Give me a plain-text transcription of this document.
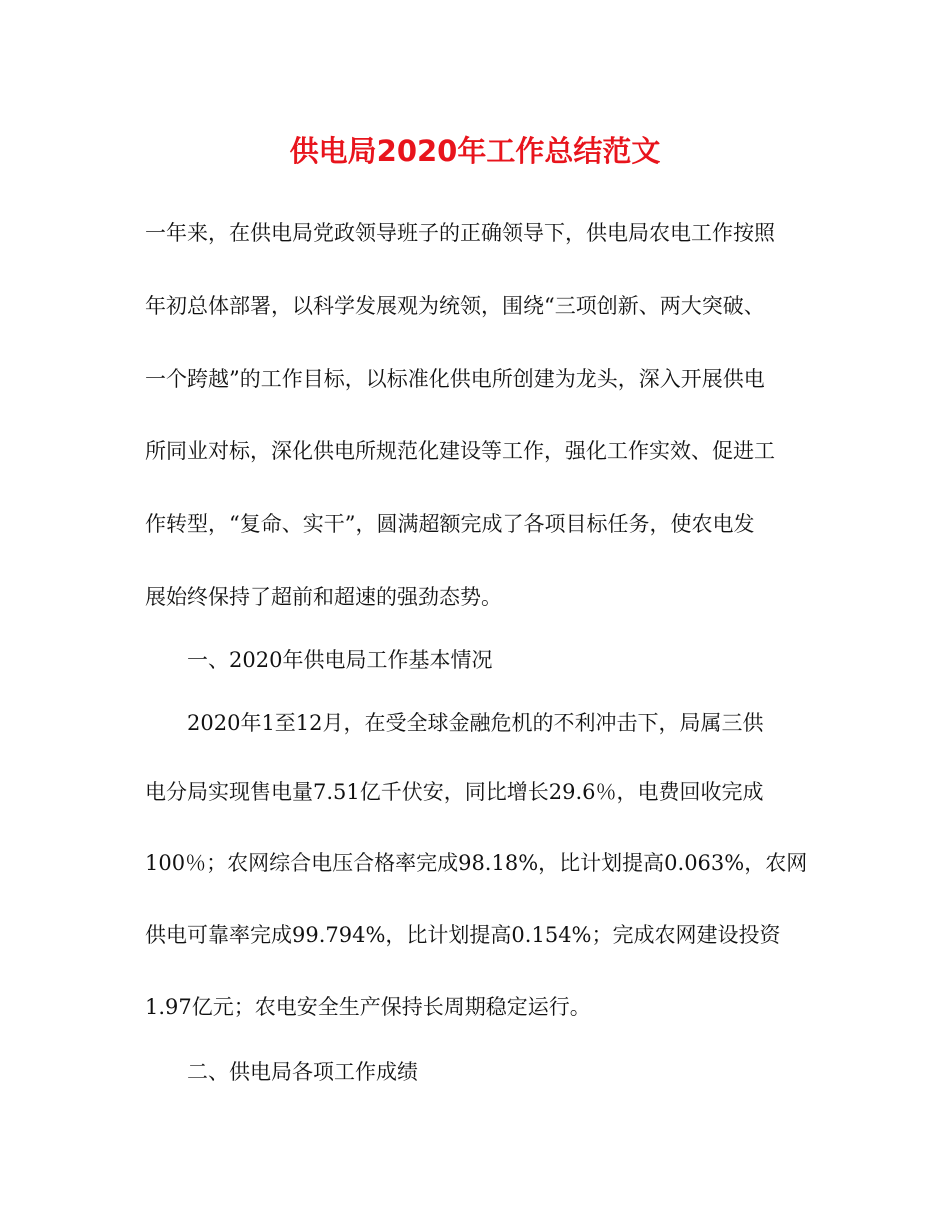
供电局2020年工作总结范文
一年来，在供电局党政领导班子的正确领导下，供电局农电工作按照
年初总体部署，以科学发展观为统领，围绕“三项创新、两大突破、
一个跨越”的工作目标，以标准化供电所创建为龙头，深入开展供电
所同业对标，深化供电所规范化建设等工作，强化工作实效、促进工
作转型，“复命、实干”，圆满超额完成了各项目标任务，使农电发
展始终保持了超前和超速的强劲态势。
一、2020年供电局工作基本情况
2020年1至12月，在受全球金融危机的不利冲击下，局属三供
电分局实现售电量7.51亿千伏安，同比增长29.6％，电费回收完成
100％；农网综合电压合格率完成98.18%，比计划提高0.063%，农网
供电可靠率完成99.794%，比计划提高0.154%；完成农网建设投资
1.97亿元；农电安全生产保持长周期稳定运行。
二、供电局各项工作成绩
